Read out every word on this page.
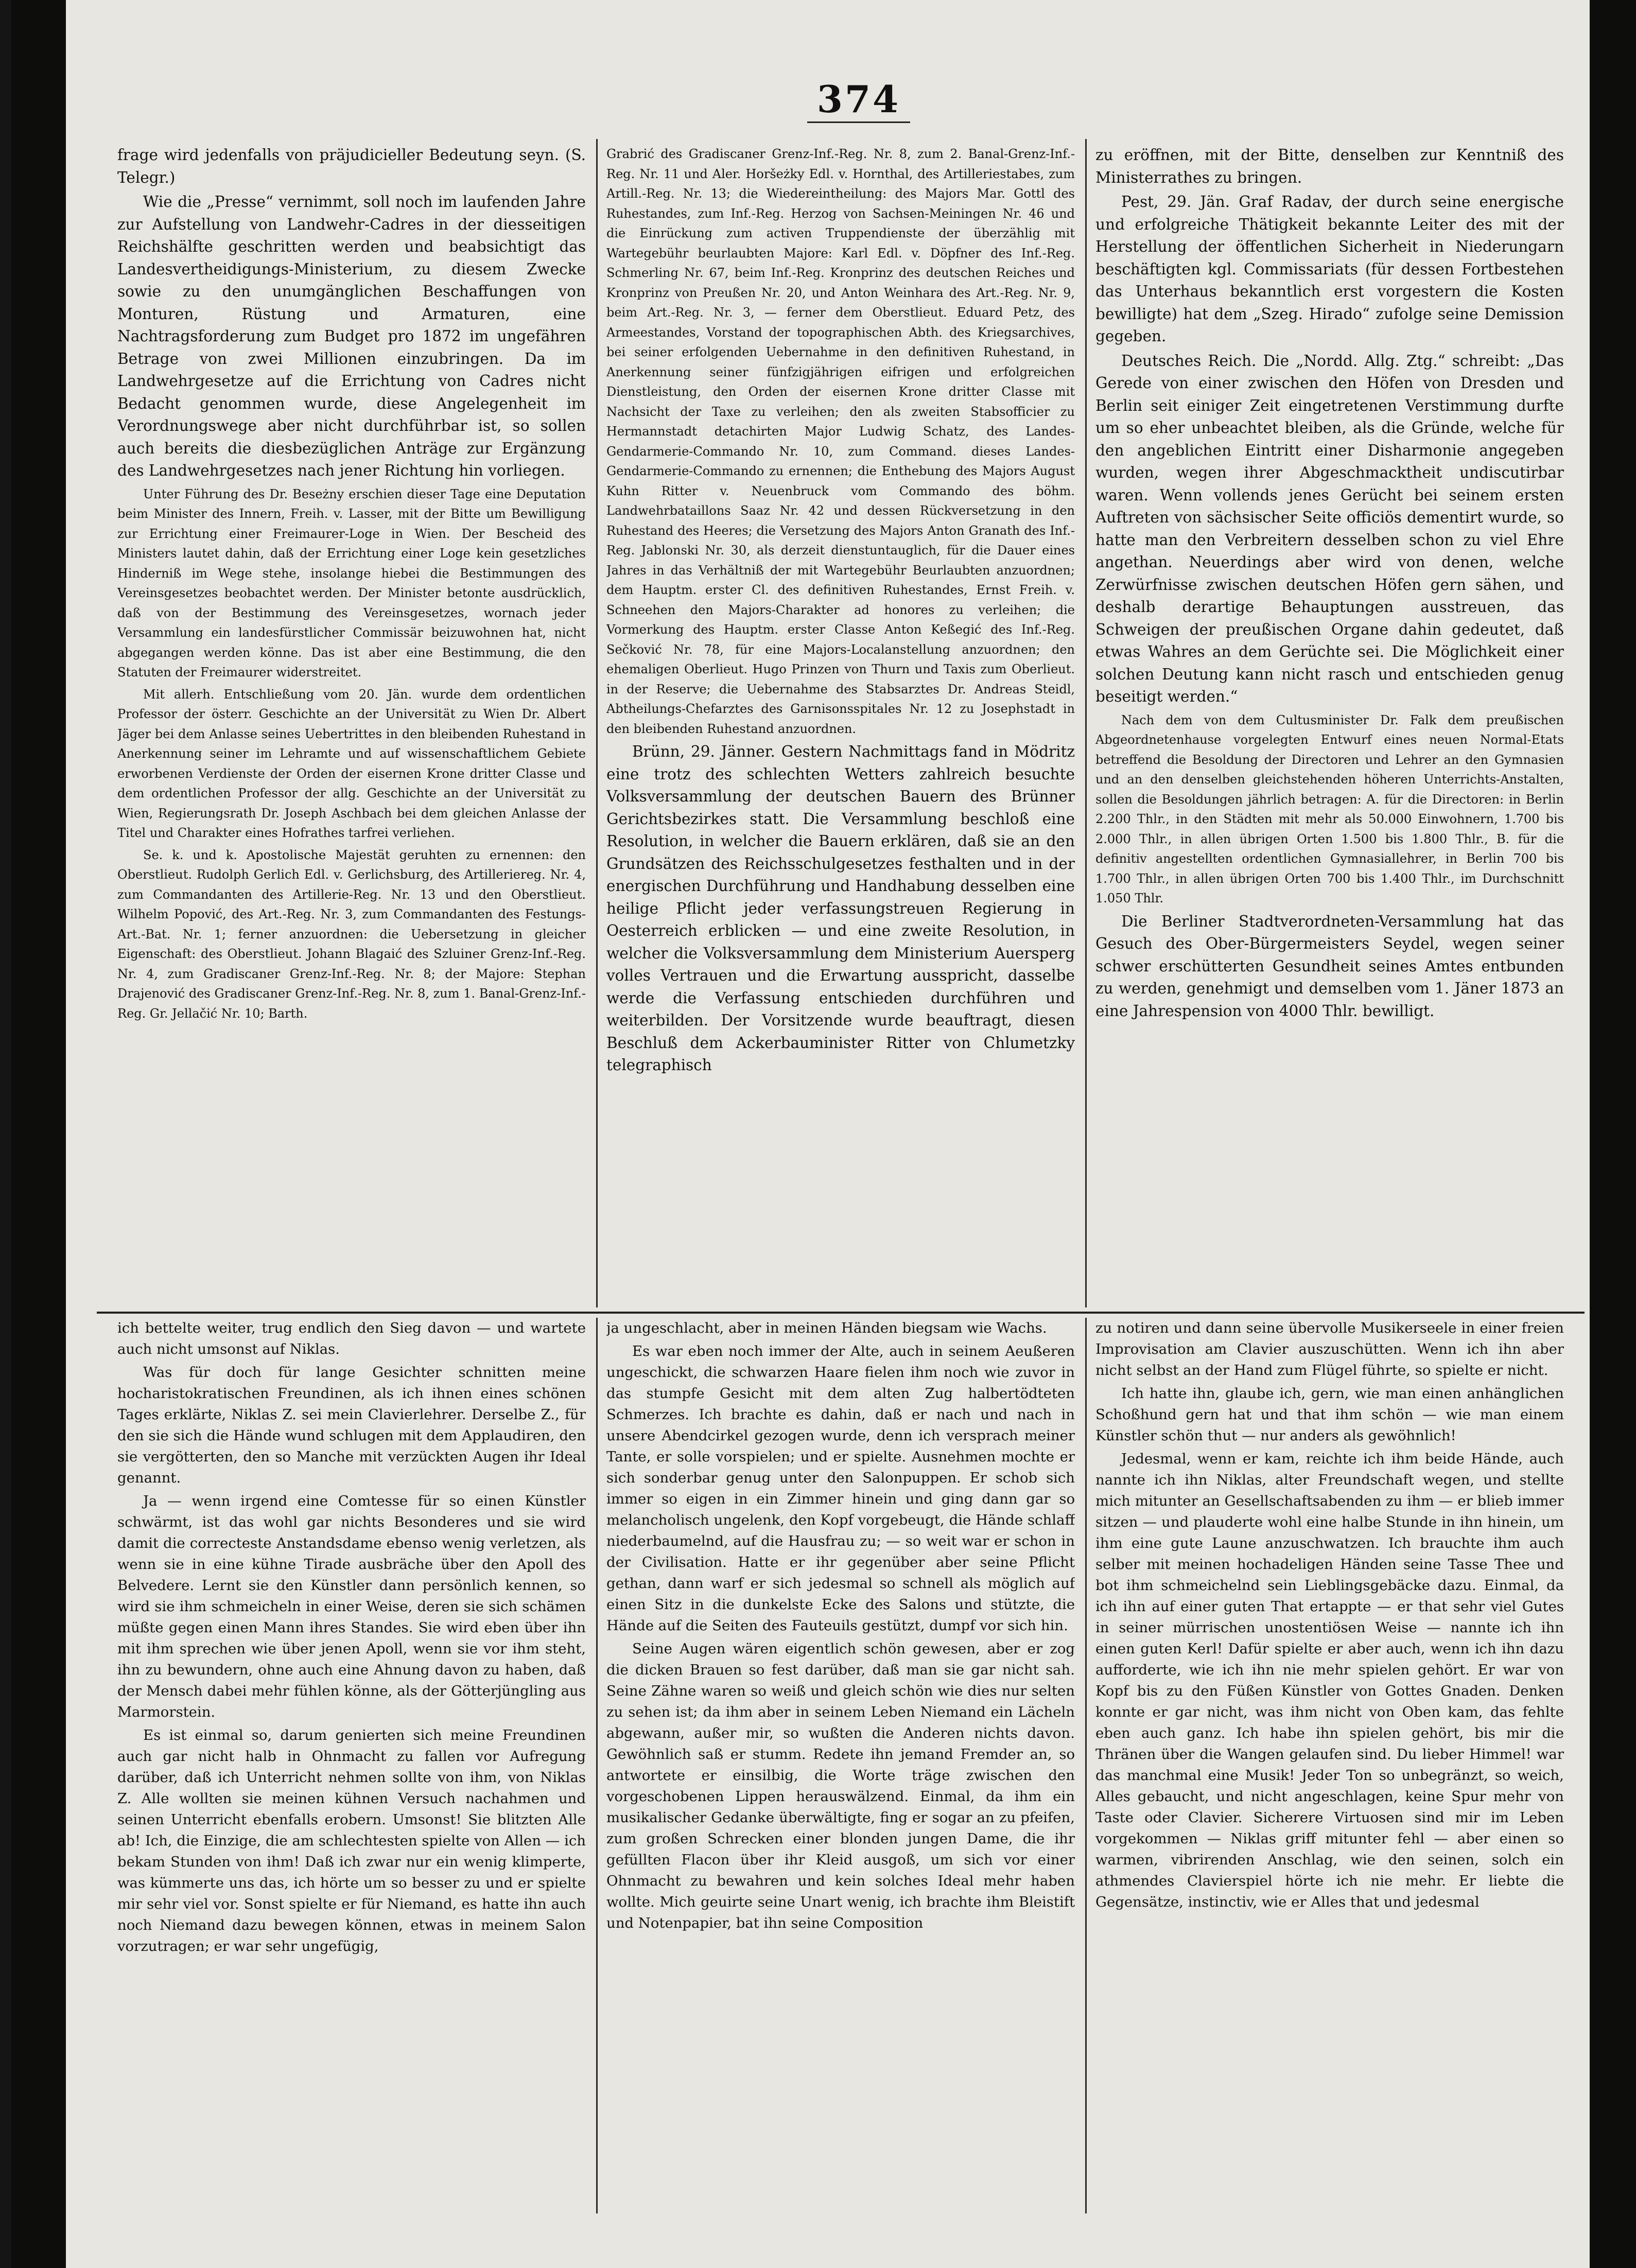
374

frage wird jedenfalls von präjudicieller Bedeutung seyn. (S. Telegr.)

Wie die „Presse“ vernimmt, soll noch im laufenden Jahre zur Aufstellung von Landwehr-Cadres in der diesseitigen Reichshälfte geschritten werden und beabsichtigt das Landesvertheidigungs-Ministerium, zu diesem Zwecke sowie zu den unumgänglichen Beschaffungen von Monturen, Rüstung und Armaturen, eine Nachtragsforderung zum Budget pro 1872 im ungefähren Betrage von zwei Millionen einzubringen. Da im Landwehrgesetze auf die Errichtung von Cadres nicht Bedacht genommen wurde, diese Angelegenheit im Verordnungswege aber nicht durchführbar ist, so sollen auch bereits die diesbezüglichen Anträge zur Ergänzung des Landwehrgesetzes nach jener Richtung hin vorliegen.

Unter Führung des Dr. Beseżny erschien dieser Tage eine Deputation beim Minister des Innern, Freih. v. Lasser, mit der Bitte um Bewilligung zur Errichtung einer Freimaurer-Loge in Wien. Der Bescheid des Ministers lautet dahin, daß der Errichtung einer Loge kein gesetzliches Hinderniß im Wege stehe, insolange hiebei die Bestimmungen des Vereinsgesetzes beobachtet werden. Der Minister betonte ausdrücklich, daß von der Bestimmung des Vereinsgesetzes, wornach jeder Versammlung ein landesfürstlicher Commissär beizuwohnen hat, nicht abgegangen werden könne. Das ist aber eine Bestimmung, die den Statuten der Freimaurer widerstreitet.

Mit allerh. Entschließung vom 20. Jän. wurde dem ordentlichen Professor der österr. Geschichte an der Universität zu Wien Dr. Albert Jäger bei dem Anlasse seines Uebertrittes in den bleibenden Ruhestand in Anerkennung seiner im Lehramte und auf wissenschaftlichem Gebiete erworbenen Verdienste der Orden der eisernen Krone dritter Classe und dem ordentlichen Professor der allg. Geschichte an der Universität zu Wien, Regierungsrath Dr. Joseph Aschbach bei dem gleichen Anlasse der Titel und Charakter eines Hofrathes tarfrei verliehen.

Se. k. und k. Apostolische Majestät geruhten zu ernennen: den Oberstlieut. Rudolph Gerlich Edl. v. Gerlichsburg, des Artilleriereg. Nr. 4, zum Commandanten des Artillerie-Reg. Nr. 13 und den Oberstlieut. Wilhelm Popović, des Art.-Reg. Nr. 3, zum Commandanten des Festungs-Art.-Bat. Nr. 1; ferner anzuordnen: die Uebersetzung in gleicher Eigenschaft: des Oberstlieut. Johann Blagaić des Szluiner Grenz-Inf.-Reg. Nr. 4, zum Gradiscaner Grenz-Inf.-Reg. Nr. 8; der Majore: Stephan Drajenović des Gradiscaner Grenz-Inf.-Reg. Nr. 8, zum 1. Banal-Grenz-Inf.-Reg. Gr. Jellačić Nr. 10; Barth.

Grabrić des Gradiscaner Grenz-Inf.-Reg. Nr. 8, zum 2. Banal-Grenz-Inf.-Reg. Nr. 11 und Aler. Horšeżky Edl. v. Hornthal, des Artilleriestabes, zum Artill.-Reg. Nr. 13; die Wiedereintheilung: des Majors Mar. Gottl des Ruhestandes, zum Inf.-Reg. Herzog von Sachsen-Meiningen Nr. 46 und die Einrückung zum activen Truppendienste der überzählig mit Wartegebühr beurlaubten Majore: Karl Edl. v. Döpfner des Inf.-Reg. Schmerling Nr. 67, beim Inf.-Reg. Kronprinz des deutschen Reiches und Kronprinz von Preußen Nr. 20, und Anton Weinhara des Art.-Reg. Nr. 9, beim Art.-Reg. Nr. 3, — ferner dem Oberstlieut. Eduard Petz, des Armeestandes, Vorstand der topographischen Abth. des Kriegsarchives, bei seiner erfolgenden Uebernahme in den definitiven Ruhestand, in Anerkennung seiner fünfzigjährigen eifrigen und erfolgreichen Dienstleistung, den Orden der eisernen Krone dritter Classe mit Nachsicht der Taxe zu verleihen; den als zweiten Stabsofficier zu Hermannstadt detachirten Major Ludwig Schatz, des Landes-Gendarmerie-Commando Nr. 10, zum Command. dieses Landes-Gendarmerie-Commando zu ernennen; die Enthebung des Majors August Kuhn Ritter v. Neuenbruck vom Commando des böhm. Landwehrbataillons Saaz Nr. 42 und dessen Rückversetzung in den Ruhestand des Heeres; die Versetzung des Majors Anton Granath des Inf.-Reg. Jablonski Nr. 30, als derzeit dienstuntauglich, für die Dauer eines Jahres in das Verhältniß der mit Wartegebühr Beurlaubten anzuordnen; dem Hauptm. erster Cl. des definitiven Ruhestandes, Ernst Freih. v. Schneehen den Majors-Charakter ad honores zu verleihen; die Vormerkung des Hauptm. erster Classe Anton Keßegić des Inf.-Reg. Sečković Nr. 78, für eine Majors-Localanstellung anzuordnen; den ehemaligen Oberlieut. Hugo Prinzen von Thurn und Taxis zum Oberlieut. in der Reserve; die Uebernahme des Stabsarztes Dr. Andreas Steidl, Abtheilungs-Chefarztes des Garnisonsspitales Nr. 12 zu Josephstadt in den bleibenden Ruhestand anzuordnen.

Brünn, 29. Jänner. Gestern Nachmittags fand in Mödritz eine trotz des schlechten Wetters zahlreich besuchte Volksversammlung der deutschen Bauern des Brünner Gerichtsbezirkes statt. Die Versammlung beschloß eine Resolution, in welcher die Bauern erklären, daß sie an den Grundsätzen des Reichsschulgesetzes festhalten und in der energischen Durchführung und Handhabung desselben eine heilige Pflicht jeder verfassungstreuen Regierung in Oesterreich erblicken — und eine zweite Resolution, in welcher die Volksversammlung dem Ministerium Auersperg volles Vertrauen und die Erwartung ausspricht, dasselbe werde die Verfassung entschieden durchführen und weiterbilden. Der Vorsitzende wurde beauftragt, diesen Beschluß dem Ackerbauminister Ritter von Chlumetzky telegraphisch

zu eröffnen, mit der Bitte, denselben zur Kenntniß des Ministerrathes zu bringen.

Pest, 29. Jän. Graf Radav, der durch seine energische und erfolgreiche Thätigkeit bekannte Leiter des mit der Herstellung der öffentlichen Sicherheit in Niederungarn beschäftigten kgl. Commissariats (für dessen Fortbestehen das Unterhaus bekanntlich erst vorgestern die Kosten bewilligte) hat dem „Szeg. Hirado“ zufolge seine Demission gegeben.

Deutsches Reich. Die „Nordd. Allg. Ztg.“ schreibt: „Das Gerede von einer zwischen den Höfen von Dresden und Berlin seit einiger Zeit eingetretenen Verstimmung durfte um so eher unbeachtet bleiben, als die Gründe, welche für den angeblichen Eintritt einer Disharmonie angegeben wurden, wegen ihrer Abgeschmacktheit undiscutirbar waren. Wenn vollends jenes Gerücht bei seinem ersten Auftreten von sächsischer Seite officiös dementirt wurde, so hatte man den Verbreitern desselben schon zu viel Ehre angethan. Neuerdings aber wird von denen, welche Zerwürfnisse zwischen deutschen Höfen gern sähen, und deshalb derartige Behauptungen ausstreuen, das Schweigen der preußischen Organe dahin gedeutet, daß etwas Wahres an dem Gerüchte sei. Die Möglichkeit einer solchen Deutung kann nicht rasch und entschieden genug beseitigt werden.“

Nach dem von dem Cultusminister Dr. Falk dem preußischen Abgeordnetenhause vorgelegten Entwurf eines neuen Normal-Etats betreffend die Besoldung der Directoren und Lehrer an den Gymnasien und an den denselben gleichstehenden höheren Unterrichts-Anstalten, sollen die Besoldungen jährlich betragen: A. für die Directoren: in Berlin 2.200 Thlr., in den Städten mit mehr als 50.000 Einwohnern, 1.700 bis 2.000 Thlr., in allen übrigen Orten 1.500 bis 1.800 Thlr., B. für die definitiv angestellten ordentlichen Gymnasiallehrer, in Berlin 700 bis 1.700 Thlr., in allen übrigen Orten 700 bis 1.400 Thlr., im Durchschnitt 1.050 Thlr.

Die Berliner Stadtverordneten-Versammlung hat das Gesuch des Ober-Bürgermeisters Seydel, wegen seiner schwer erschütterten Gesundheit seines Amtes entbunden zu werden, genehmigt und demselben vom 1. Jäner 1873 an eine Jahrespension von 4000 Thlr. bewilligt.

ich bettelte weiter, trug endlich den Sieg davon — und wartete auch nicht umsonst auf Niklas.

Was für doch für lange Gesichter schnitten meine hocharistokratischen Freundinen, als ich ihnen eines schönen Tages erklärte, Niklas Z. sei mein Clavierlehrer. Derselbe Z., für den sie sich die Hände wund schlugen mit dem Applaudiren, den sie vergötterten, den so Manche mit verzückten Augen ihr Ideal genannt.

Ja — wenn irgend eine Comtesse für so einen Künstler schwärmt, ist das wohl gar nichts Besonderes und sie wird damit die correcteste Anstandsdame ebenso wenig verletzen, als wenn sie in eine kühne Tirade ausbräche über den Apoll des Belvedere. Lernt sie den Künstler dann persönlich kennen, so wird sie ihm schmeicheln in einer Weise, deren sie sich schämen müßte gegen einen Mann ihres Standes. Sie wird eben über ihn mit ihm sprechen wie über jenen Apoll, wenn sie vor ihm steht, ihn zu bewundern, ohne auch eine Ahnung davon zu haben, daß der Mensch dabei mehr fühlen könne, als der Götterjüngling aus Marmorstein.

Es ist einmal so, darum genierten sich meine Freundinen auch gar nicht halb in Ohnmacht zu fallen vor Aufregung darüber, daß ich Unterricht nehmen sollte von ihm, von Niklas Z. Alle wollten sie meinen kühnen Versuch nachahmen und seinen Unterricht ebenfalls erobern. Umsonst! Sie blitzten Alle ab! Ich, die Einzige, die am schlechtesten spielte von Allen — ich bekam Stunden von ihm! Daß ich zwar nur ein wenig klimperte, was kümmerte uns das, ich hörte um so besser zu und er spielte mir sehr viel vor. Sonst spielte er für Niemand, es hatte ihn auch noch Niemand dazu bewegen können, etwas in meinem Salon vorzutragen; er war sehr ungefügig,

ja ungeschlacht, aber in meinen Händen biegsam wie Wachs.

Es war eben noch immer der Alte, auch in seinem Aeußeren ungeschickt, die schwarzen Haare fielen ihm noch wie zuvor in das stumpfe Gesicht mit dem alten Zug halbertödteten Schmerzes. Ich brachte es dahin, daß er nach und nach in unsere Abendcirkel gezogen wurde, denn ich versprach meiner Tante, er solle vorspielen; und er spielte. Ausnehmen mochte er sich sonderbar genug unter den Salonpuppen. Er schob sich immer so eigen in ein Zimmer hinein und ging dann gar so melancholisch ungelenk, den Kopf vorgebeugt, die Hände schlaff niederbaumelnd, auf die Hausfrau zu; — so weit war er schon in der Civilisation. Hatte er ihr gegenüber aber seine Pflicht gethan, dann warf er sich jedesmal so schnell als möglich auf einen Sitz in die dunkelste Ecke des Salons und stützte, die Hände auf die Seiten des Fauteuils gestützt, dumpf vor sich hin.

Seine Augen wären eigentlich schön gewesen, aber er zog die dicken Brauen so fest darüber, daß man sie gar nicht sah. Seine Zähne waren so weiß und gleich schön wie dies nur selten zu sehen ist; da ihm aber in seinem Leben Niemand ein Lächeln abgewann, außer mir, so wußten die Anderen nichts davon. Gewöhnlich saß er stumm. Redete ihn jemand Fremder an, so antwortete er einsilbig, die Worte träge zwischen den vorgeschobenen Lippen herauswälzend. Einmal, da ihm ein musikalischer Gedanke überwältigte, fing er sogar an zu pfeifen, zum großen Schrecken einer blonden jungen Dame, die ihr gefüllten Flacon über ihr Kleid ausgoß, um sich vor einer Ohnmacht zu bewahren und kein solches Ideal mehr haben wollte. Mich geuirte seine Unart wenig, ich brachte ihm Bleistift und Notenpapier, bat ihn seine Composition

zu notiren und dann seine übervolle Musikerseele in einer freien Improvisation am Clavier auszuschütten. Wenn ich ihn aber nicht selbst an der Hand zum Flügel führte, so spielte er nicht.

Ich hatte ihn, glaube ich, gern, wie man einen anhänglichen Schoßhund gern hat und that ihm schön — wie man einem Künstler schön thut — nur anders als gewöhnlich!

Jedesmal, wenn er kam, reichte ich ihm beide Hände, auch nannte ich ihn Niklas, alter Freundschaft wegen, und stellte mich mitunter an Gesellschaftsabenden zu ihm — er blieb immer sitzen — und plauderte wohl eine halbe Stunde in ihn hinein, um ihm eine gute Laune anzuschwatzen. Ich brauchte ihm auch selber mit meinen hochadeligen Händen seine Tasse Thee und bot ihm schmeichelnd sein Lieblingsgebäcke dazu. Einmal, da ich ihn auf einer guten That ertappte — er that sehr viel Gutes in seiner mürrischen unostentiösen Weise — nannte ich ihn einen guten Kerl! Dafür spielte er aber auch, wenn ich ihn dazu aufforderte, wie ich ihn nie mehr spielen gehört. Er war von Kopf bis zu den Füßen Künstler von Gottes Gnaden. Denken konnte er gar nicht, was ihm nicht von Oben kam, das fehlte eben auch ganz. Ich habe ihn spielen gehört, bis mir die Thränen über die Wangen gelaufen sind. Du lieber Himmel! war das manchmal eine Musik! Jeder Ton so unbegränzt, so weich, Alles gebaucht, und nicht angeschlagen, keine Spur mehr von Taste oder Clavier. Sicherere Virtuosen sind mir im Leben vorgekommen — Niklas griff mitunter fehl — aber einen so warmen, vibrirenden Anschlag, wie den seinen, solch ein athmendes Clavierspiel hörte ich nie mehr. Er liebte die Gegensätze, instinctiv, wie er Alles that und jedesmal
